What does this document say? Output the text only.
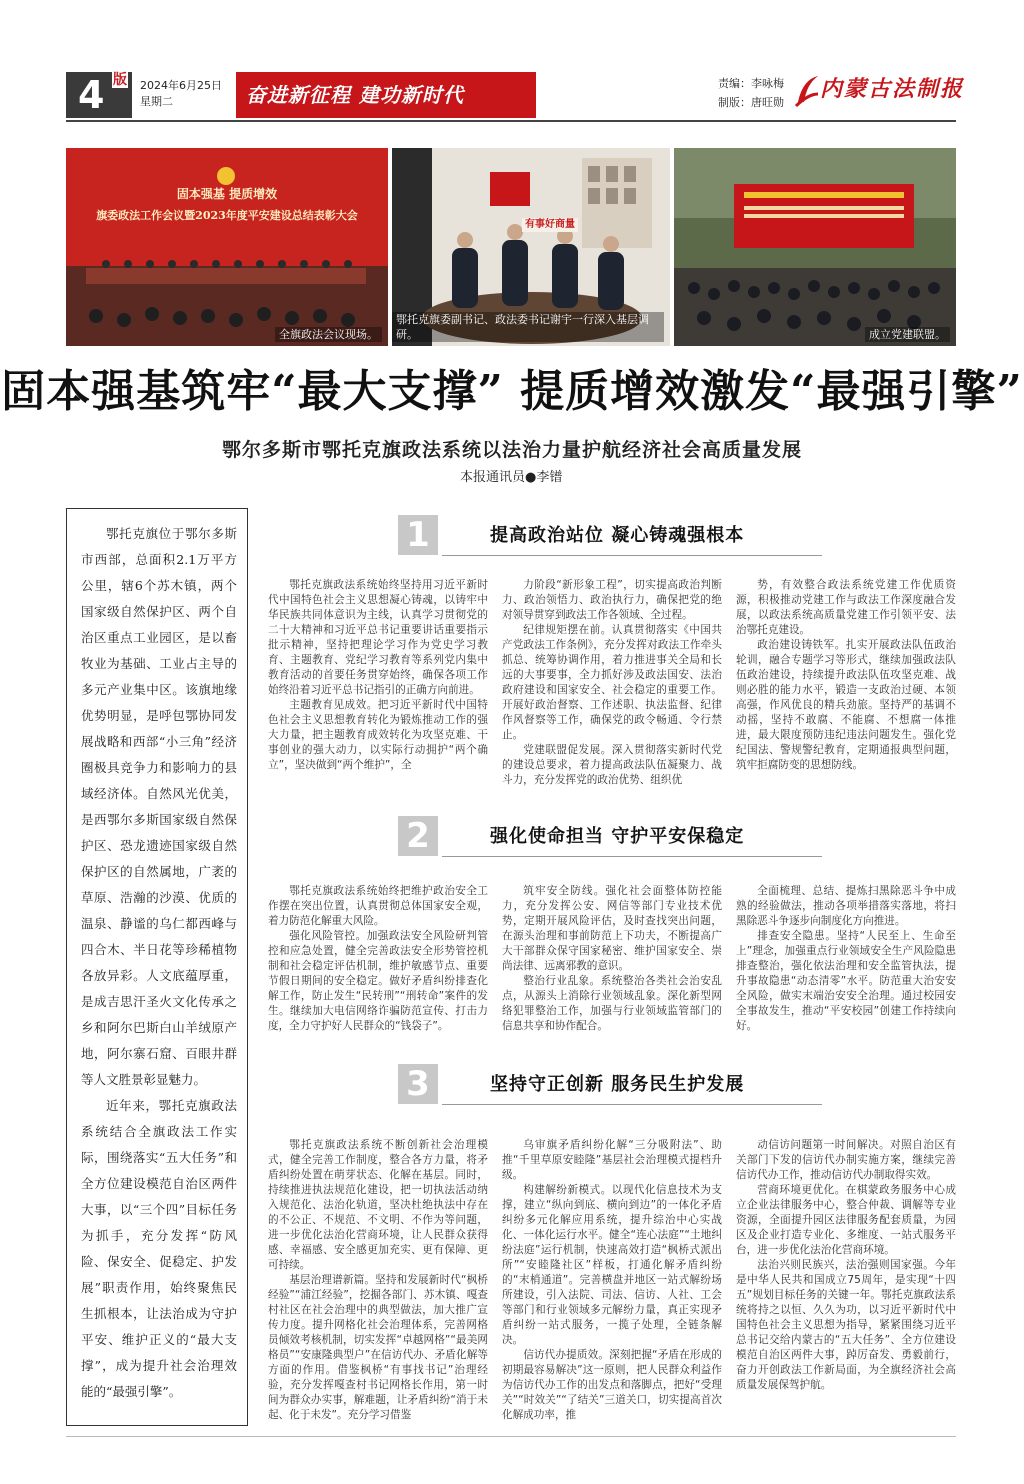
4 版 2024年6月25日
星期二	奋进新征程 建功新时代	责编：李咏梅
制版：唐旺勋
内蒙古法制报
固本强基 提质增效
旗委政法工作会议暨2023年度平安建设总结表彰大会
全旗政法会议现场。
有事好商量
鄂托克旗委副书记、政法委书记谢宇一行深入基层调研。	成立党建联盟。
固本强基筑牢“最大支撑” 提质增效激发“最强引擎”
鄂尔多斯市鄂托克旗政法系统以法治力量护航经济社会高质量发展
本报通讯员●李镨

鄂托克旗位于鄂尔多斯市西部，总面积2.1万平方公里，辖6个苏木镇，两个国家级自然保护区、两个自治区重点工业园区，是以畜牧业为基础、工业占主导的多元产业集中区。该旗地缘优势明显，是呼包鄂协同发展战略和西部“小三角”经济圈极具竞争力和影响力的县域经济体。自然风光优美，是西鄂尔多斯国家级自然保护区、恐龙遗迹国家级自然保护区的自然属地，广袤的草原、浩瀚的沙漠、优质的温泉、静谧的乌仁都西峰与四合木、半日花等珍稀植物各放异彩。人文底蕴厚重，是成吉思汗圣火文化传承之乡和阿尔巴斯白山羊绒原产地，阿尔寨石窟、百眼井群等人文胜景彰显魅力。

近年来，鄂托克旗政法系统结合全旗政法工作实际，围绕落实“五大任务”和全方位建设模范自治区两件大事，以“三个四”目标任务为抓手，充分发挥“防风险、保安全、促稳定、护发展”职责作用，始终聚焦民生抓根本，让法治成为守护平安、维护正义的“最大支撑”，成为提升社会治理效能的“最强引擎”。

1	提高政治站位 凝心铸魂强根本

鄂托克旗政法系统始终坚持用习近平新时代中国特色社会主义思想凝心铸魂，以铸牢中华民族共同体意识为主线，认真学习贯彻党的二十大精神和习近平总书记重要讲话重要指示批示精神，坚持把理论学习作为党史学习教育、主题教育、党纪学习教育等系列党内集中教育活动的首要任务贯穿始终，确保各项工作始终沿着习近平总书记指引的正确方向前进。

主题教育见成效。把习近平新时代中国特色社会主义思想教育转化为锻炼推动工作的强大力量，把主题教育成效转化为攻坚克难、干事创业的强大动力，以实际行动拥护“两个确立”，坚决做到“两个维护”，全

力阶段“新形象工程”，切实提高政治判断力、政治领悟力、政治执行力，确保把党的绝对领导贯穿到政法工作各领域、全过程。

纪律规矩摆在前。认真贯彻落实《中国共产党政法工作条例》，充分发挥对政法工作牵头抓总、统筹协调作用，着力推进事关全局和长远的大事要事，全力抓好涉及政法国安、法治政府建设和国家安全、社会稳定的重要工作。开展好政治督察、工作述职、执法监督、纪律作风督察等工作，确保党的政令畅通、令行禁止。

党建联盟促发展。深入贯彻落实新时代党的建设总要求，着力提高政法队伍凝聚力、战斗力，充分发挥党的政治优势、组织优

势，有效整合政法系统党建工作优质资源，积极推动党建工作与政法工作深度融合发展，以政法系统高质量党建工作引领平安、法治鄂托克建设。

政治建设铸铁军。扎实开展政法队伍政治轮训，融合专题学习等形式，继续加强政法队伍政治建设，持续提升政法队伍攻坚克难、战则必胜的能力水平，锻造一支政治过硬、本领高强，作风优良的精兵劲旅。坚持严的基调不动摇，坚持不敢腐、不能腐、不想腐一体推进，最大限度预防违纪违法问题发生。强化党纪国法、警规警纪教育，定期通报典型问题，筑牢拒腐防变的思想防线。

2	强化使命担当 守护平安保稳定

鄂托克旗政法系统始终把维护政治安全工作摆在突出位置，认真贯彻总体国家安全观，着力防范化解重大风险。

强化风险管控。加强政法安全风险研判管控和应急处置，健全完善政法安全形势管控机制和社会稳定评估机制，维护敏感节点、重要节假日期间的安全稳定。做好矛盾纠纷排查化解工作，防止发生“民转刑”“刑转命”案件的发生。继续加大电信网络诈骗防范宣传、打击力度，全力守护好人民群众的“钱袋子”。

筑牢安全防线。强化社会面整体防控能力，充分发挥公安、网信等部门专业技术优势，定期开展风险评估，及时查找突出问题，在源头治理和事前防范上下功夫，不断提高广大干部群众保守国家秘密、维护国家安全、崇尚法律、远离邪教的意识。

整治行业乱象。系统整治各类社会治安乱点，从源头上消除行业领域乱象。深化新型网络犯罪整治工作，加强与行业领域监管部门的信息共享和协作配合。

全面梳理、总结、提炼扫黑除恶斗争中成熟的经验做法，推动各项举措落实落地，将扫黑除恶斗争逐步向制度化方向推进。

排查安全隐患。坚持“人民至上、生命至上”理念，加强重点行业领域安全生产风险隐患排查整治，强化依法治理和安全监管执法，提升事故隐患“动态清零”水平。防范重大治安安全风险，做实末端治安安全治理。通过校园安全事故发生，推动“平安校园”创建工作持续向好。

3	坚持守正创新 服务民生护发展

鄂托克旗政法系统不断创新社会治理模式，健全完善工作制度，整合各方力量，将矛盾纠纷处置在萌芽状态、化解在基层。同时，持续推进执法规范化建设，把一切执法活动纳入规范化、法治化轨道，坚决杜绝执法中存在的不公正、不规范、不文明、不作为等问题，进一步优化法治化营商环境，让人民群众获得感、幸福感、安全感更加充实、更有保障、更可持续。

基层治理谱新篇。坚持和发展新时代“枫桥经验”“浦江经验”，挖掘各部门、苏木镇、嘎查村社区在社会治理中的典型做法，加大推广宣传力度。提升网格化社会治理体系，完善网格员倾效考核机制，切实发挥“卓越网格”“最美网格员”“安康隆典型户”在信访代办、矛盾化解等方面的作用。借鉴枫桥“有事找书记”治理经验，充分发挥嘎查村书记网格长作用，第一时间为群众办实事，解难题，让矛盾纠纷“消于未起、化于未发”。充分学习借鉴

乌审旗矛盾纠纷化解“三分吸附法”、助推“千里草原安睦隆”基层社会治理模式提档升级。

构建解纷新模式。以现代化信息技术为支撑，建立“纵向到底、横向到边”的一体化矛盾纠纷多元化解应用系统，提升综治中心实战化、一体化运行水平。健全“连心法庭”“土地纠纷法庭”运行机制，快速高效打造“枫桥式派出所”“安睦隆社区”样板，打通化解矛盾纠纷的“末梢通道”。完善横盘并地区一站式解纷场所建设，引入法院、司法、信访、人社、工会等部门和行业领域多元解纷力量，真正实现矛盾纠纷一站式服务，一揽子处理，全链条解决。

信访代办提质效。深刻把握“矛盾在形成的初期最容易解决”这一原则，把人民群众利益作为信访代办工作的出发点和落脚点，把好“受理关”“时效关”“了结关”三道关口，切实提高首次化解成功率，推

动信访问题第一时间解决。对照自治区有关部门下发的信访代办制实施方案，继续完善信访代办工作，推动信访代办制取得实效。

营商环境更优化。在棋蒙政务服务中心成立企业法律服务中心，整合仲裁、调解等专业资源，全面提升园区法律服务配套质量，为园区及企业打造专业化、多维度、一站式服务平台，进一步优化法治化营商环境。

法治兴则民族兴，法治强则国家强。今年是中华人民共和国成立75周年，是实现“十四五”规划目标任务的关键一年。鄂托克旗政法系统将持之以恒、久久为功，以习近平新时代中国特色社会主义思想为指导，紧紧围绕习近平总书记交给内蒙古的“五大任务”、全方位建设模范自治区两件大事，踔厉奋发、勇毅前行，奋力开创政法工作新局面，为全旗经济社会高质量发展保驾护航。
